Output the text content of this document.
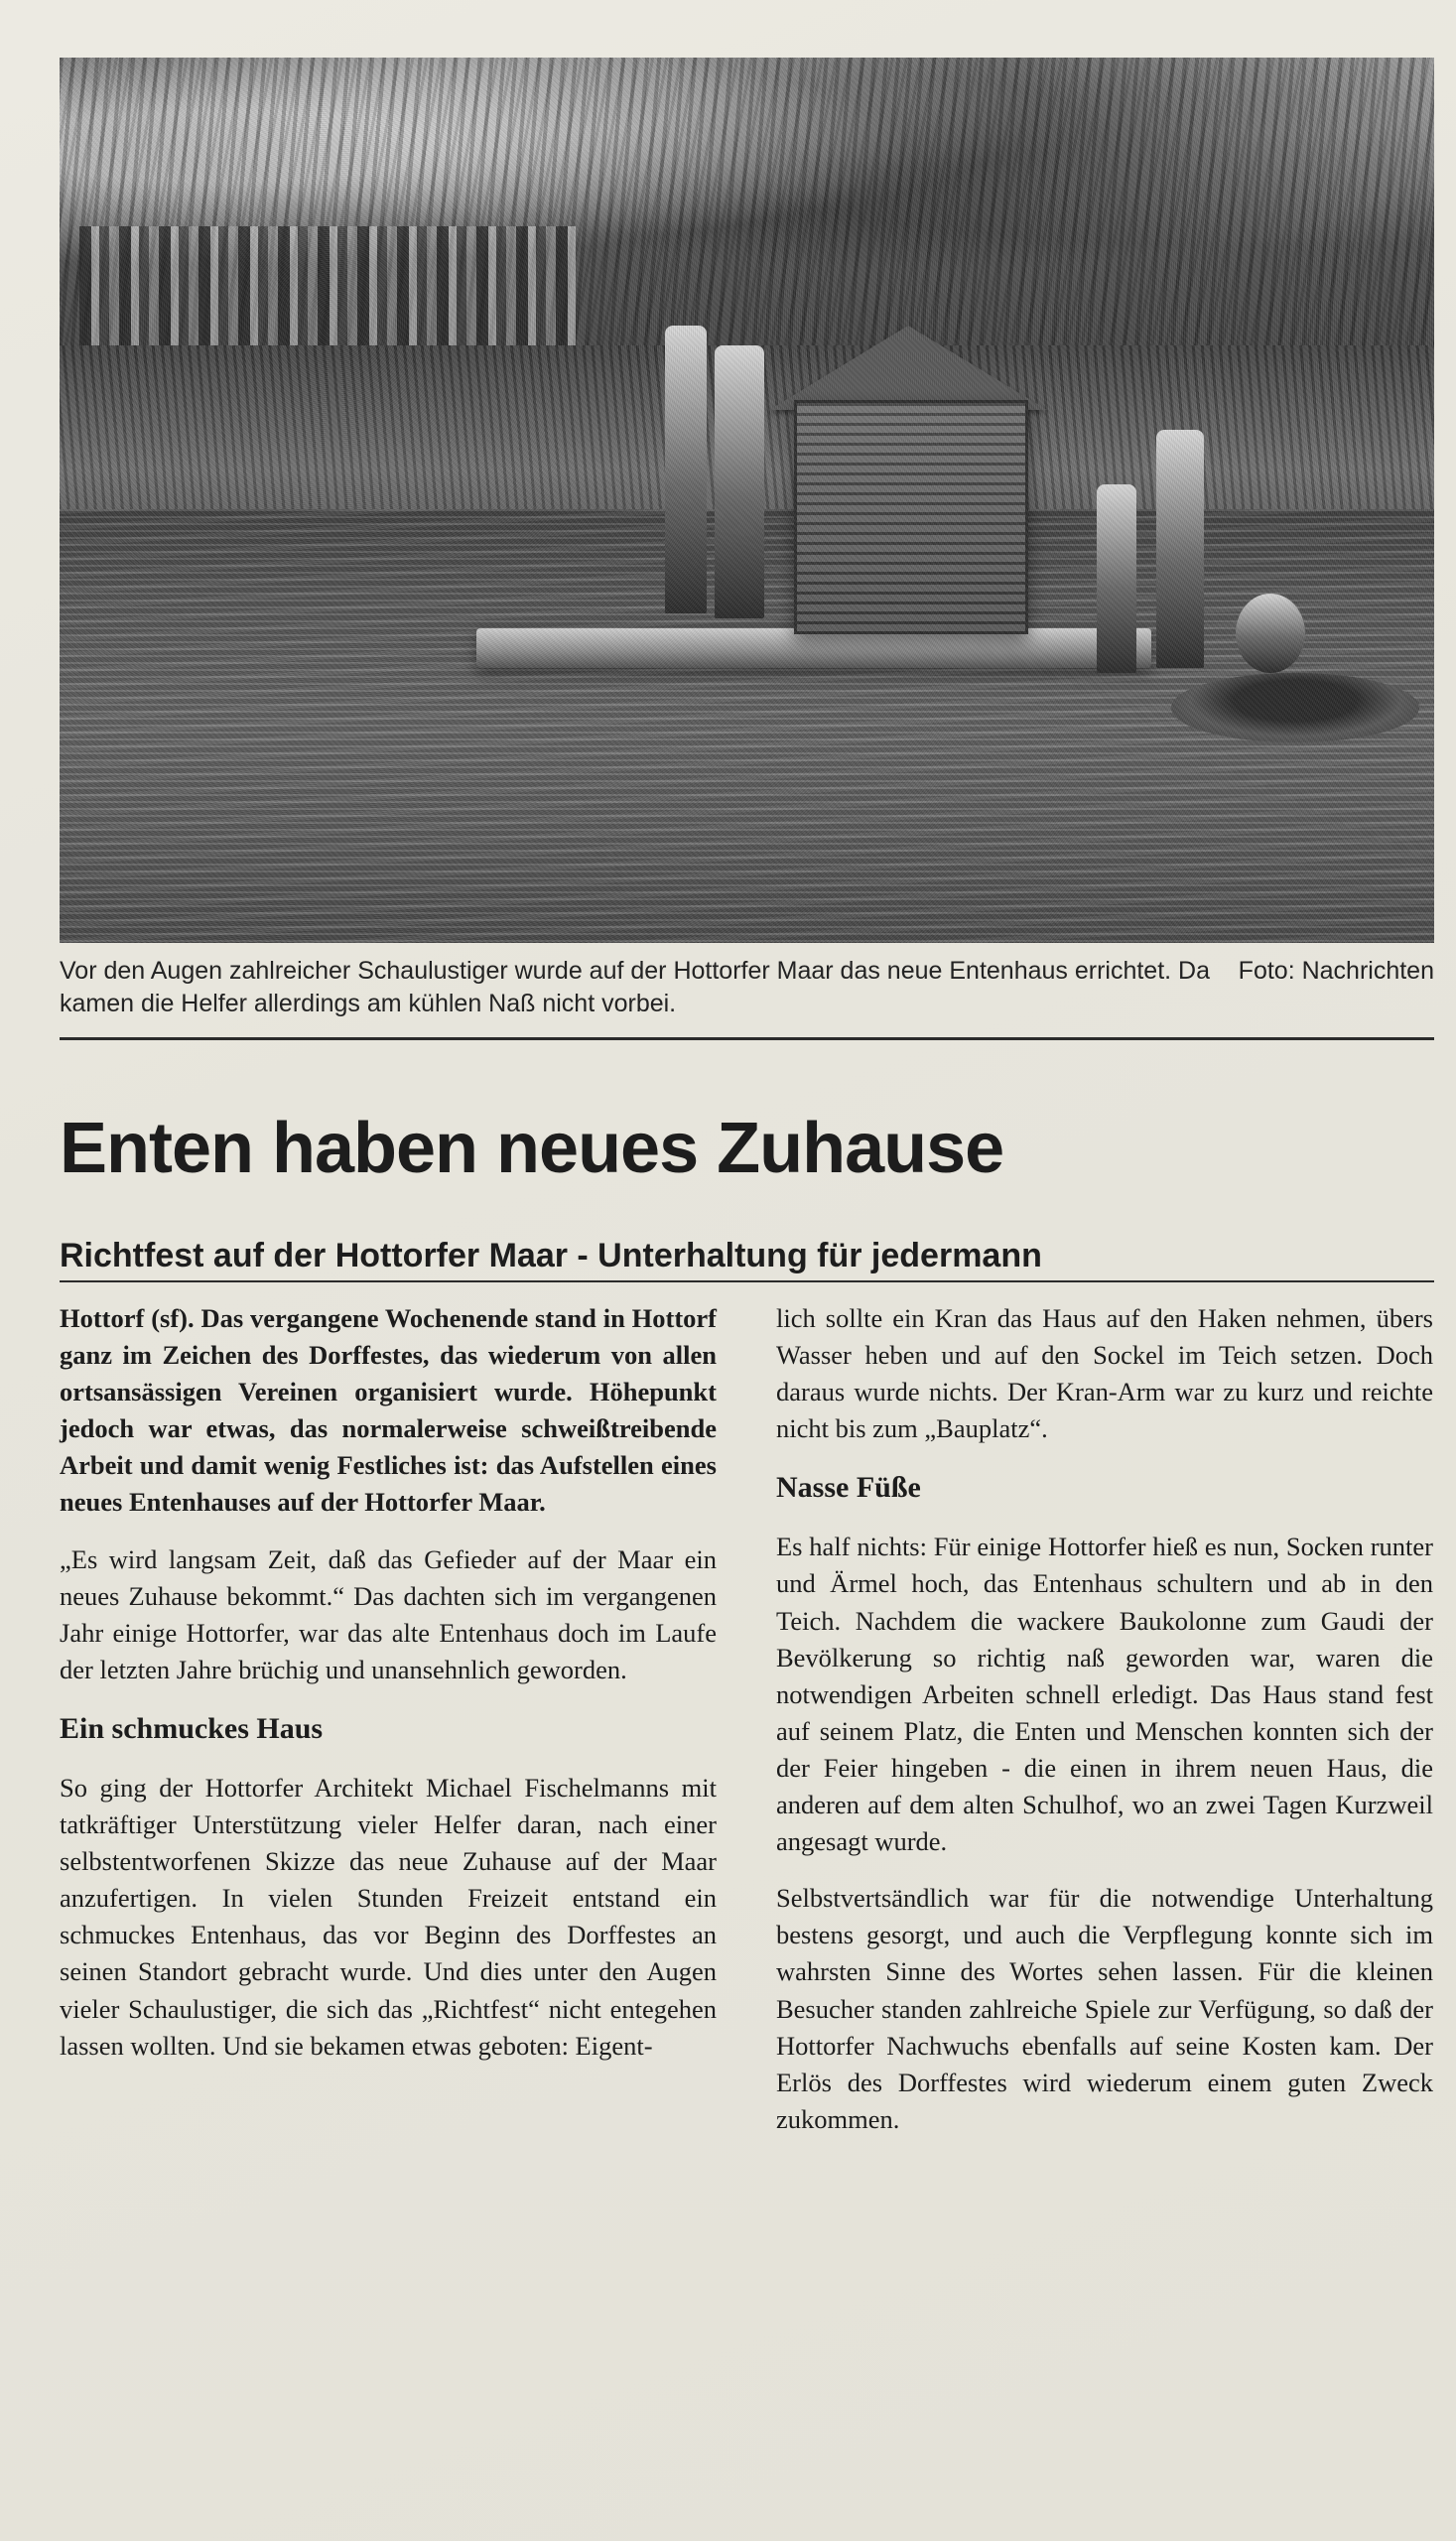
Foto: Nachrichten
Vor den Augen zahlreicher Schaulustiger wurde auf der Hottorfer Maar das neue Entenhaus errichtet. Da kamen die Helfer allerdings am kühlen Naß nicht vorbei.
Enten haben neues Zuhause
Richtfest auf der Hottorfer Maar - Unterhaltung für jedermann

Hottorf (sf). Das vergangene Wochenende stand in Hottorf ganz im Zeichen des Dorffestes, das wiederum von allen ortsansässigen Vereinen organisiert wurde. Höhepunkt jedoch war etwas, das normalerweise schweißtreibende Arbeit und damit wenig Festliches ist: das Aufstellen eines neues Entenhauses auf der Hottorfer Maar.

„Es wird langsam Zeit, daß das Gefieder auf der Maar ein neues Zuhause bekommt.“ Das dachten sich im vergangenen Jahr einige Hottorfer, war das alte Entenhaus doch im Laufe der letzten Jahre brüchig und unansehnlich geworden.

Ein schmuckes Haus

So ging der Hottorfer Architekt Michael Fischelmanns mit tatkräftiger Unterstützung vieler Helfer daran, nach einer selbstentworfenen Skizze das neue Zuhause auf der Maar anzufertigen. In vielen Stunden Freizeit entstand ein schmuckes Entenhaus, das vor Beginn des Dorffestes an seinen Standort gebracht wurde. Und dies unter den Augen vieler Schaulustiger, die sich das „Richtfest“ nicht entegehen lassen wollten. Und sie bekamen etwas geboten: Eigent-

lich sollte ein Kran das Haus auf den Haken nehmen, übers Wasser heben und auf den Sockel im Teich setzen. Doch daraus wurde nichts. Der Kran-Arm war zu kurz und reichte nicht bis zum „Bauplatz“.

Nasse Füße

Es half nichts: Für einige Hottorfer hieß es nun, Socken runter und Ärmel hoch, das Entenhaus schultern und ab in den Teich. Nachdem die wackere Baukolonne zum Gaudi der Bevölkerung so richtig naß geworden war, waren die notwendigen Arbeiten schnell erledigt. Das Haus stand fest auf seinem Platz, die Enten und Menschen konnten sich der der Feier hingeben - die einen in ihrem neuen Haus, die anderen auf dem alten Schulhof, wo an zwei Tagen Kurzweil angesagt wurde.

Selbstvertsändlich war für die notwendige Unterhaltung bestens gesorgt, und auch die Verpflegung konnte sich im wahrsten Sinne des Wortes sehen lassen. Für die kleinen Besucher standen zahlreiche Spiele zur Verfügung, so daß der Hottorfer Nachwuchs ebenfalls auf seine Kosten kam. Der Erlös des Dorffestes wird wiederum einem guten Zweck zukommen.
